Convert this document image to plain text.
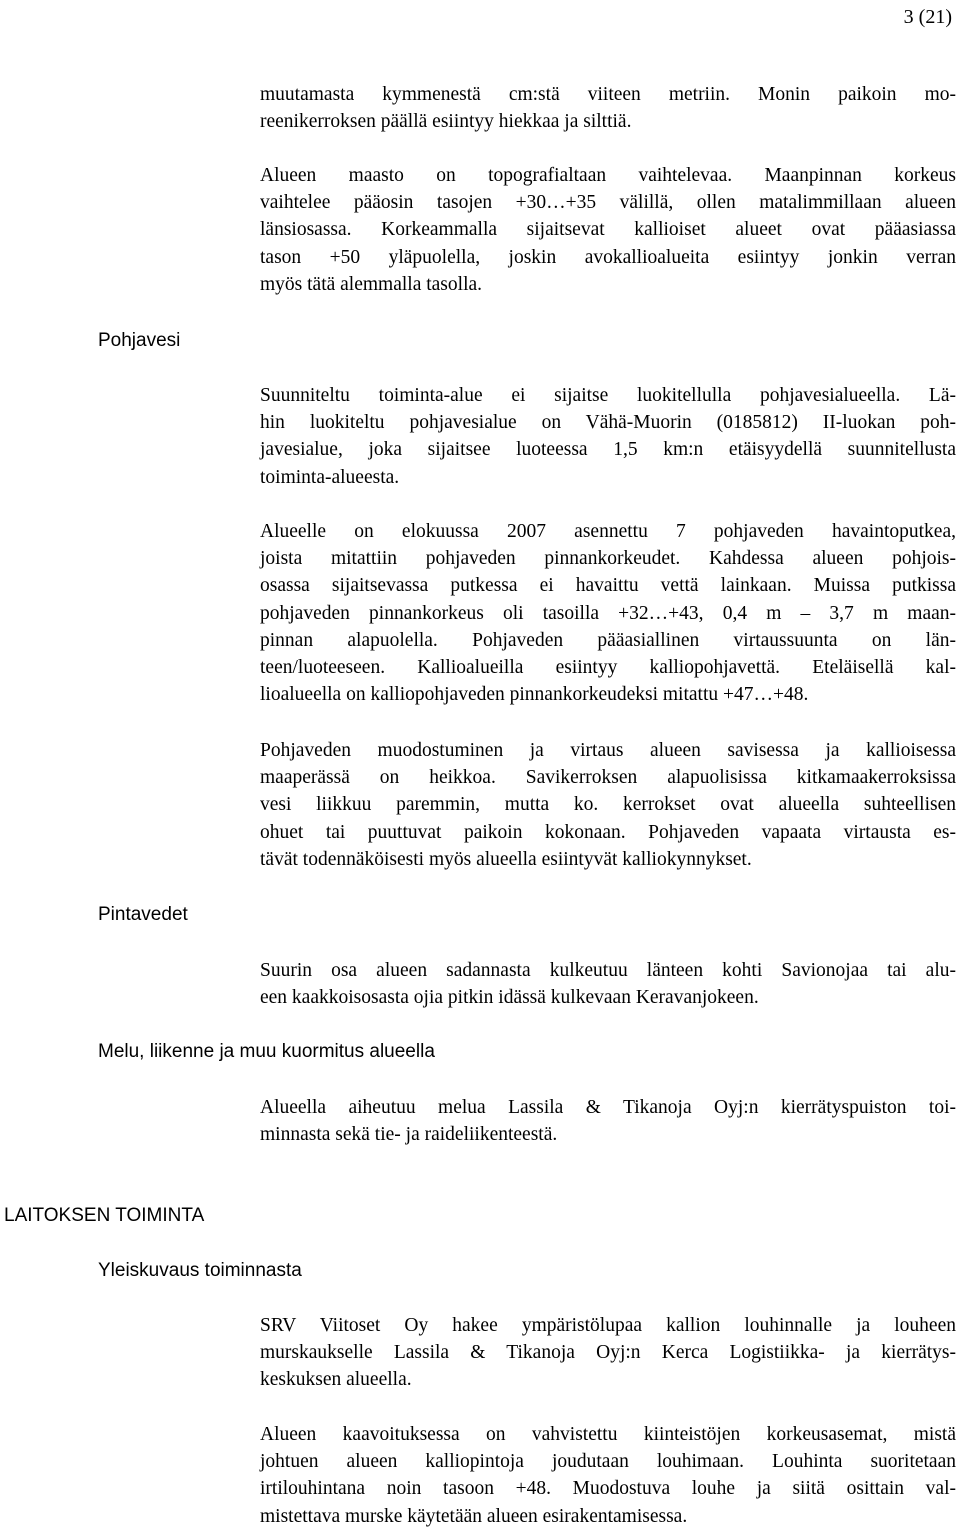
3 (21)
muutamasta kymmenestä cm:stä viiteen metriin. Monin paikoin mo-
reenikerroksen päällä esiintyy hiekkaa ja silttiä.
Alueen maasto on topografialtaan vaihtelevaa. Maanpinnan korkeus
vaihtelee pääosin tasojen +30…+35 välillä, ollen matalimmillaan alueen
länsiosassa. Korkeammalla sijaitsevat kallioiset alueet ovat pääasiassa
tason +50 yläpuolella, joskin avokallioalueita esiintyy jonkin verran
myös tätä alemmalla tasolla.
Pohjavesi
Suunniteltu toiminta-alue ei sijaitse luokitellulla pohjavesialueella. Lä-
hin luokiteltu pohjavesialue on Vähä-Muorin (0185812) II-luokan poh-
javesialue, joka sijaitsee luoteessa 1,5 km:n etäisyydellä suunnitellusta
toiminta-alueesta.
Alueelle on elokuussa 2007 asennettu 7 pohjaveden havaintoputkea,
joista mitattiin pohjaveden pinnankorkeudet. Kahdessa alueen pohjois-
osassa sijaitsevassa putkessa ei havaittu vettä lainkaan. Muissa putkissa
pohjaveden pinnankorkeus oli tasoilla +32…+43, 0,4 m – 3,7 m maan-
pinnan alapuolella. Pohjaveden pääasiallinen virtaussuunta on län-
teen/luoteeseen. Kallioalueilla esiintyy kalliopohjavettä. Eteläisellä kal-
lioalueella on kalliopohjaveden pinnankorkeudeksi mitattu +47…+48.
Pohjaveden muodostuminen ja virtaus alueen savisessa ja kallioisessa
maaperässä on heikkoa. Savikerroksen alapuolisissa kitkamaakerroksissa
vesi liikkuu paremmin, mutta ko. kerrokset ovat alueella suhteellisen
ohuet tai puuttuvat paikoin kokonaan. Pohjaveden vapaata virtausta es-
tävät todennäköisesti myös alueella esiintyvät kalliokynnykset.
Pintavedet
Suurin osa alueen sadannasta kulkeutuu länteen kohti Savionojaa tai alu-
een kaakkoisosasta ojia pitkin idässä kulkevaan Keravanjokeen.
Melu, liikenne ja muu kuormitus alueella
Alueella aiheutuu melua Lassila & Tikanoja Oyj:n kierrätyspuiston toi-
minnasta sekä tie- ja raideliikenteestä.
LAITOKSEN TOIMINTA
Yleiskuvaus toiminnasta
SRV Viitoset Oy hakee ympäristölupaa kallion louhinnalle ja louheen
murskaukselle Lassila & Tikanoja Oyj:n Kerca Logistiikka- ja kierrätys-
keskuksen alueella.
Alueen kaavoituksessa on vahvistettu kiinteistöjen korkeusasemat, mistä
johtuen alueen kalliopintoja joudutaan louhimaan. Louhinta suoritetaan
irtilouhintana noin tasoon +48. Muodostuva louhe ja siitä osittain val-
mistettava murske käytetään alueen esirakentamisessa.
